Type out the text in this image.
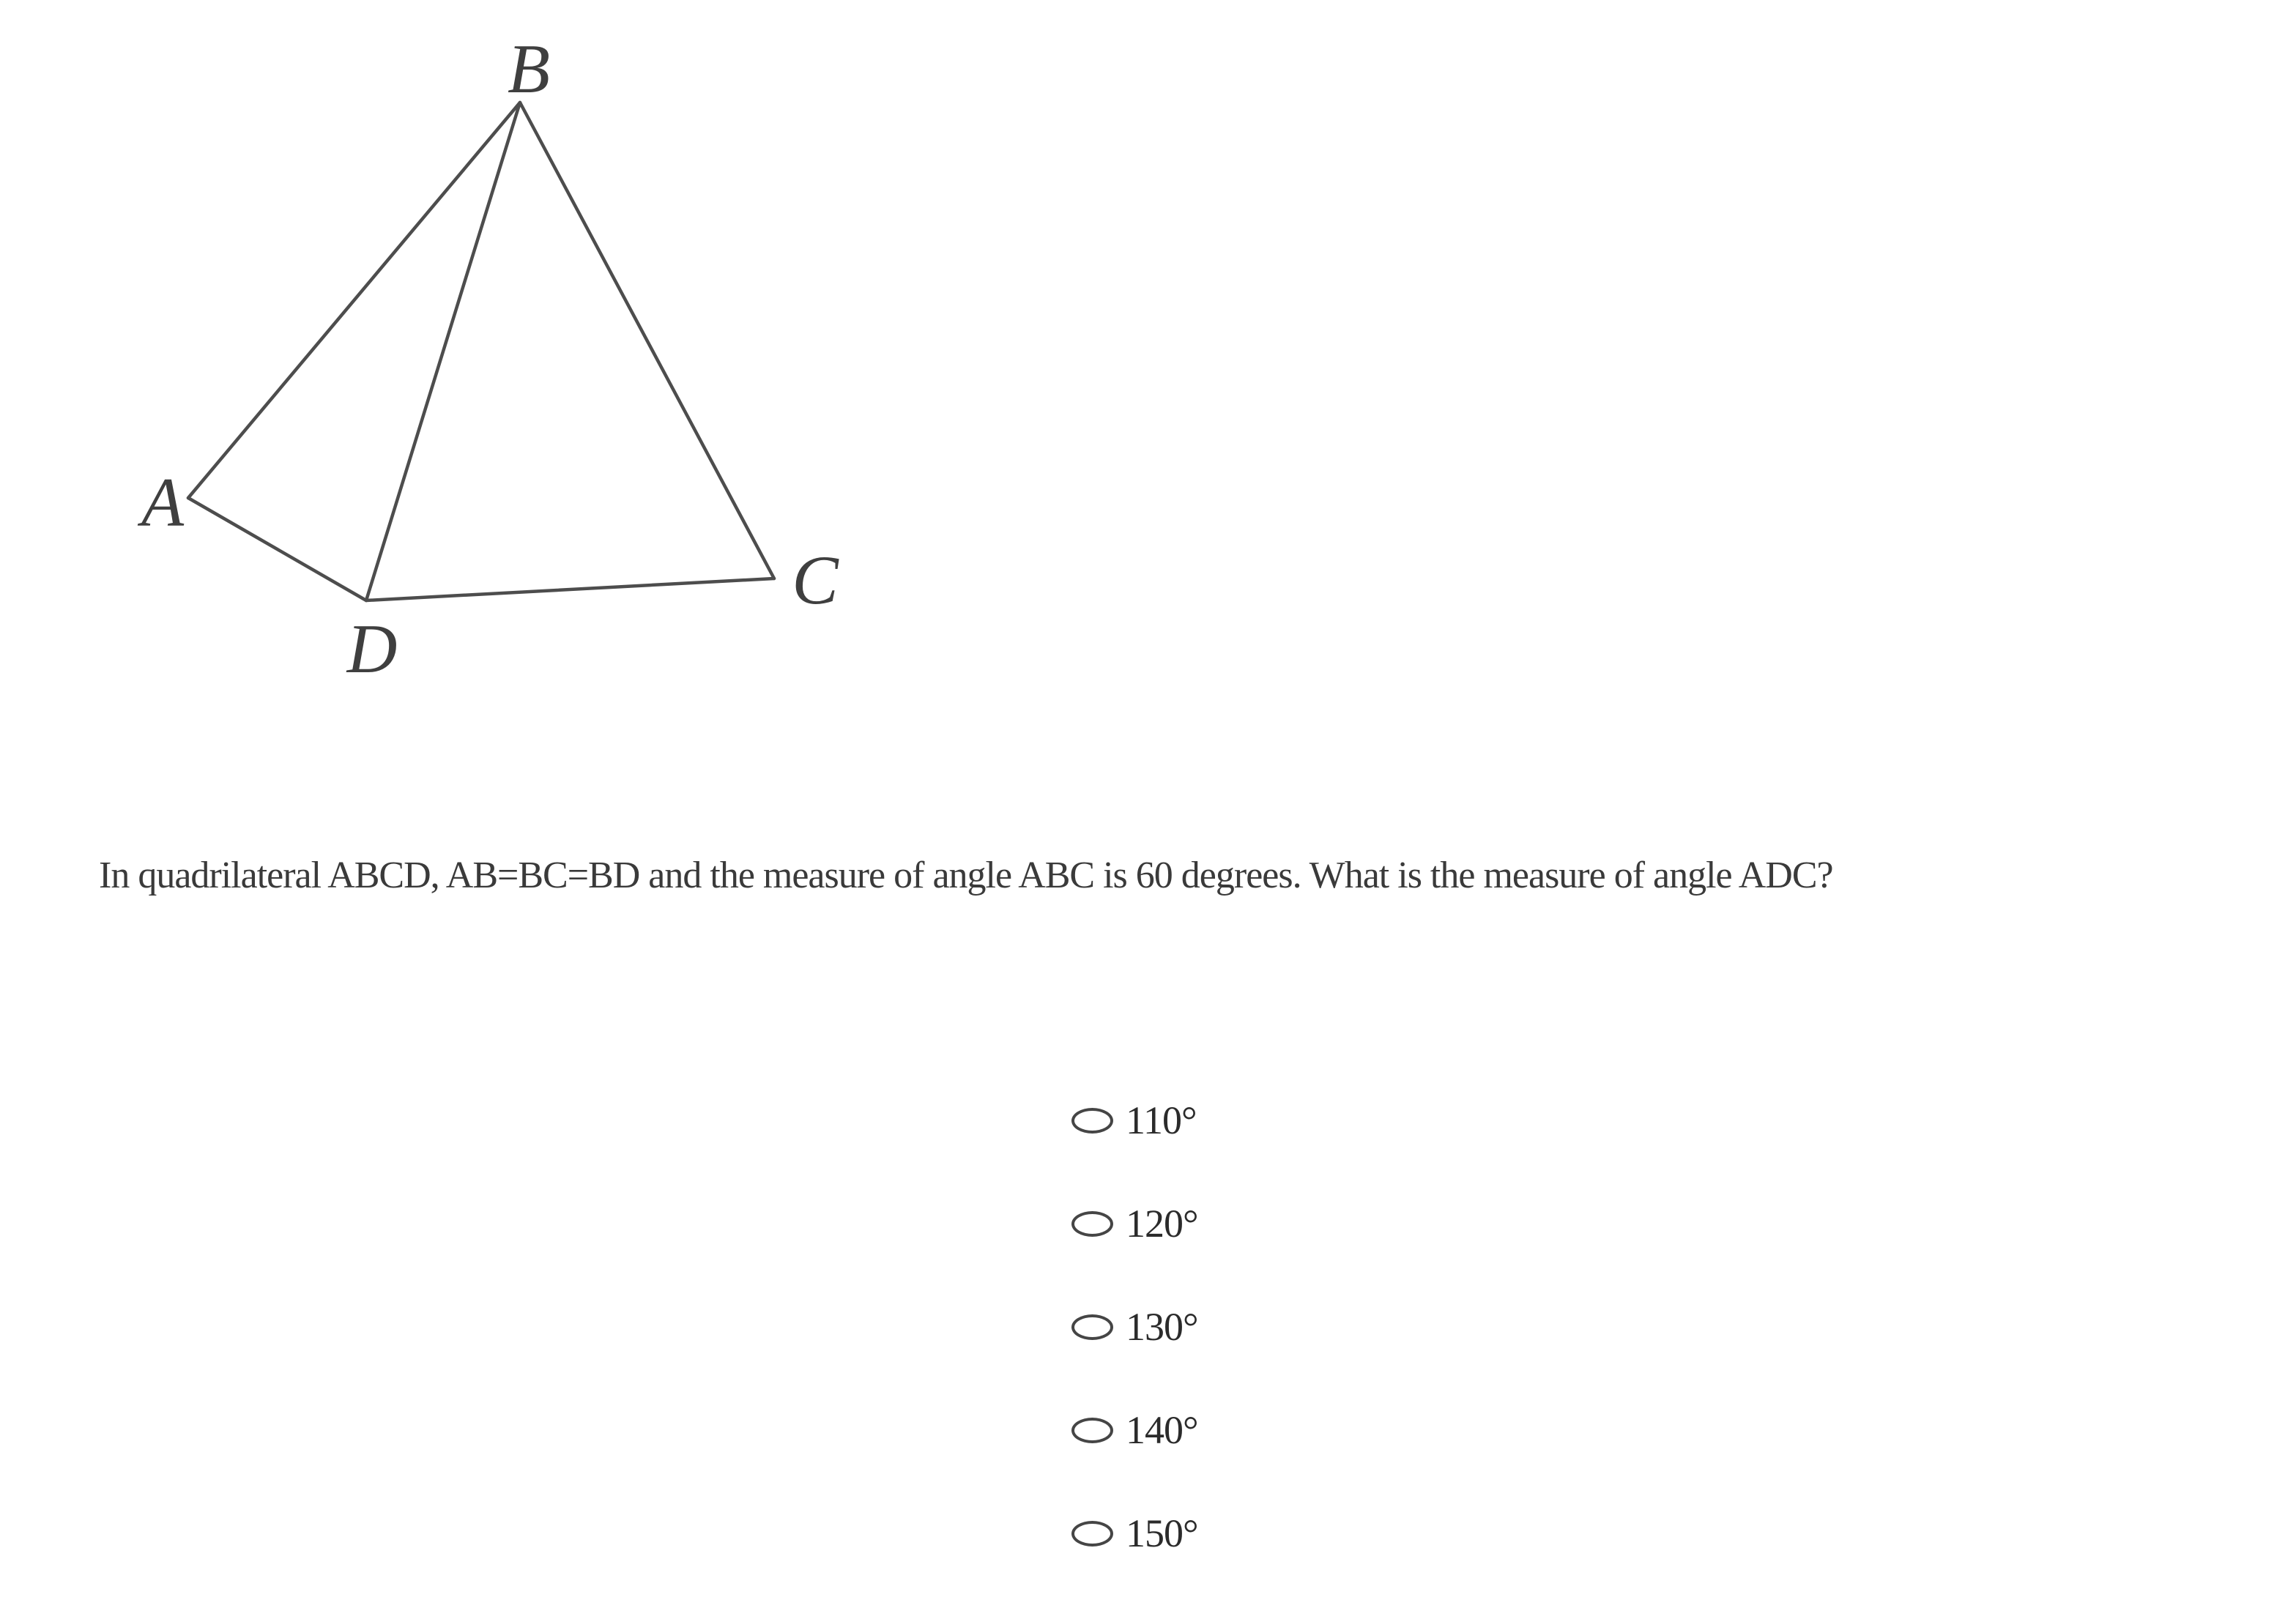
B
A
D
C

In quadrilateral ABCD, AB=BC=BD and the measure of angle ABC is 60 degrees. What is the measure of angle ADC?

110°
120°
130°
140°
150°
